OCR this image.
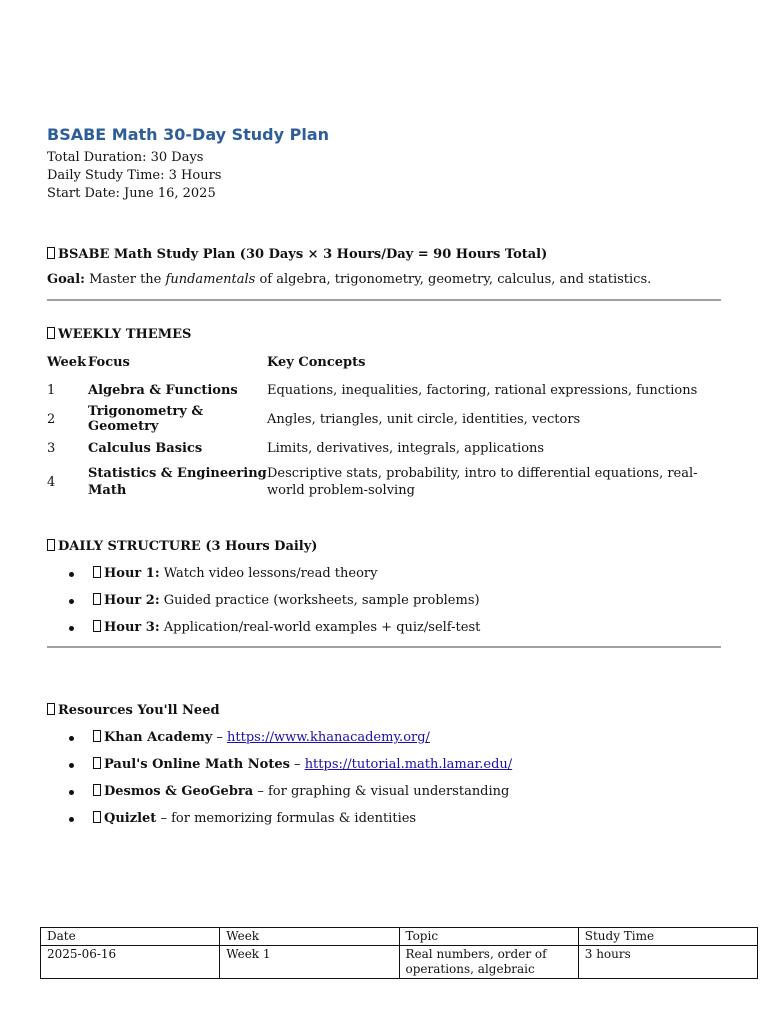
BSABE Math 30-Day Study Plan
Total Duration: 30 Days
Daily Study Time: 3 Hours
Start Date: June 16, 2025
BSABE Math Study Plan (30 Days × 3 Hours/Day = 90 Hours Total)
Goal: Master the fundamentals of algebra, trigonometry, geometry, calculus, and statistics.
WEEKLY THEMES
Week	Focus	Key Concepts
1	Algebra & Functions	Equations, inequalities, factoring, rational expressions, functions
2	Trigonometry & Geometry	Angles, triangles, unit circle, identities, vectors
3	Calculus Basics	Limits, derivatives, integrals, applications
4	Statistics & Engineering Math	Descriptive stats, probability, intro to differential equations, real-world problem-solving
DAILY STRUCTURE (3 Hours Daily)
Hour 1: Watch video lessons/read theory
Hour 2: Guided practice (worksheets, sample problems)
Hour 3: Application/real-world examples + quiz/self-test
Resources You'll Need
Khan Academy – https://www.khanacademy.org/
Paul's Online Math Notes – https://tutorial.math.lamar.edu/
Desmos & GeoGebra – for graphing & visual understanding
Quizlet – for memorizing formulas & identities
Date	Week	Topic	Study Time
2025-06-16	Week 1	Real numbers, order of operations, algebraic	3 hours
